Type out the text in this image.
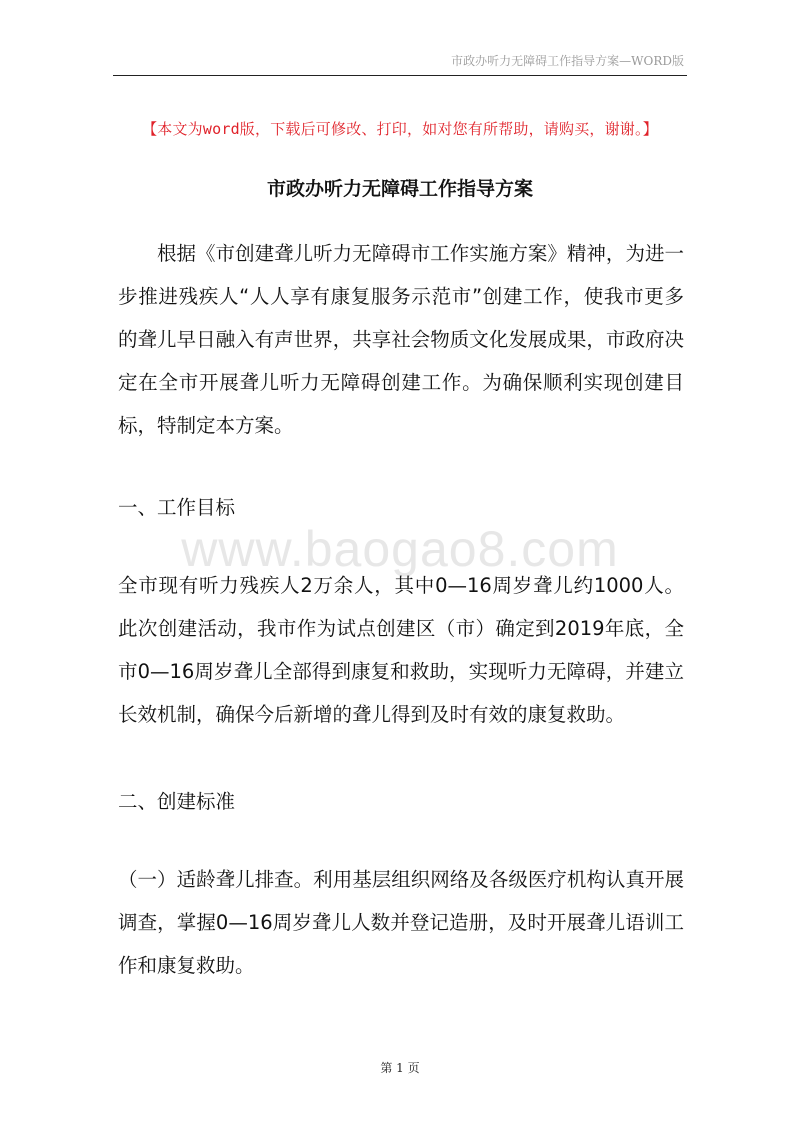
市政办听力无障碍工作指导方案—WORD版
【本文为word版，下载后可修改、打印，如对您有所帮助，请购买，谢谢。】
市政办听力无障碍工作指导方案

根据《市创建聋儿听力无障碍市工作实施方案》精神，为进一步推进残疾人“人人享有康复服务示范市”创建工作，使我市更多的聋儿早日融入有声世界，共享社会物质文化发展成果，市政府决定在全市开展聋儿听力无障碍创建工作。为确保顺利实现创建目标，特制定本方案。

一、工作目标
www.baogao8.com

全市现有听力残疾人2万余人，其中0—16周岁聋儿约1000人。此次创建活动，我市作为试点创建区（市）确定到2019年底，全市0—16周岁聋儿全部得到康复和救助，实现听力无障碍，并建立长效机制，确保今后新增的聋儿得到及时有效的康复救助。

二、创建标准

（一）适龄聋儿排查。利用基层组织网络及各级医疗机构认真开展调查，掌握0—16周岁聋儿人数并登记造册，及时开展聋儿语训工作和康复救助。

第 1 页
